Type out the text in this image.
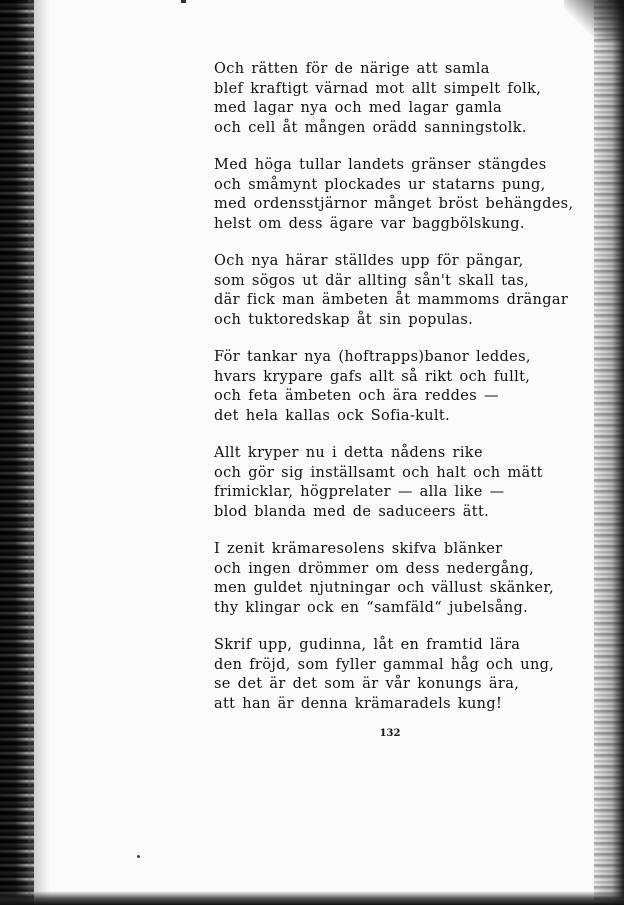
Och rätten för de närige att samla
blef kraftigt värnad mot allt simpelt folk,
med lagar nya och med lagar gamla
och cell åt mången orädd sanningstolk.
Med höga tullar landets gränser stängdes
och småmynt plockades ur statarns pung,
med ordensstjärnor månget bröst behängdes,
helst om dess ägare var baggbölskung.
Och nya härar ställdes upp för pängar,
som sögos ut där allting sån't skall tas,
där fick man ämbeten åt mammoms drängar
och tuktoredskap åt sin populas.
För tankar nya (hoftrapps)banor leddes,
hvars krypare gafs allt så rikt och fullt,
och feta ämbeten och ära reddes —
det hela kallas ock Sofia-kult.
Allt kryper nu i detta nådens rike
och gör sig inställsamt och halt och mätt
frimicklar, högprelater — alla like —
blod blanda med de saduceers ätt.
I zenit krämaresolens skifva blänker
och ingen drömmer om dess nedergång,
men guldet njutningar och vällust skänker,
thy klingar ock en “samfäld“ jubelsång.
Skrif upp, gudinna, låt en framtid lära
den fröjd, som fyller gammal håg och ung,
se det är det som är vår konungs ära,
att han är denna krämaradels kung!
132
